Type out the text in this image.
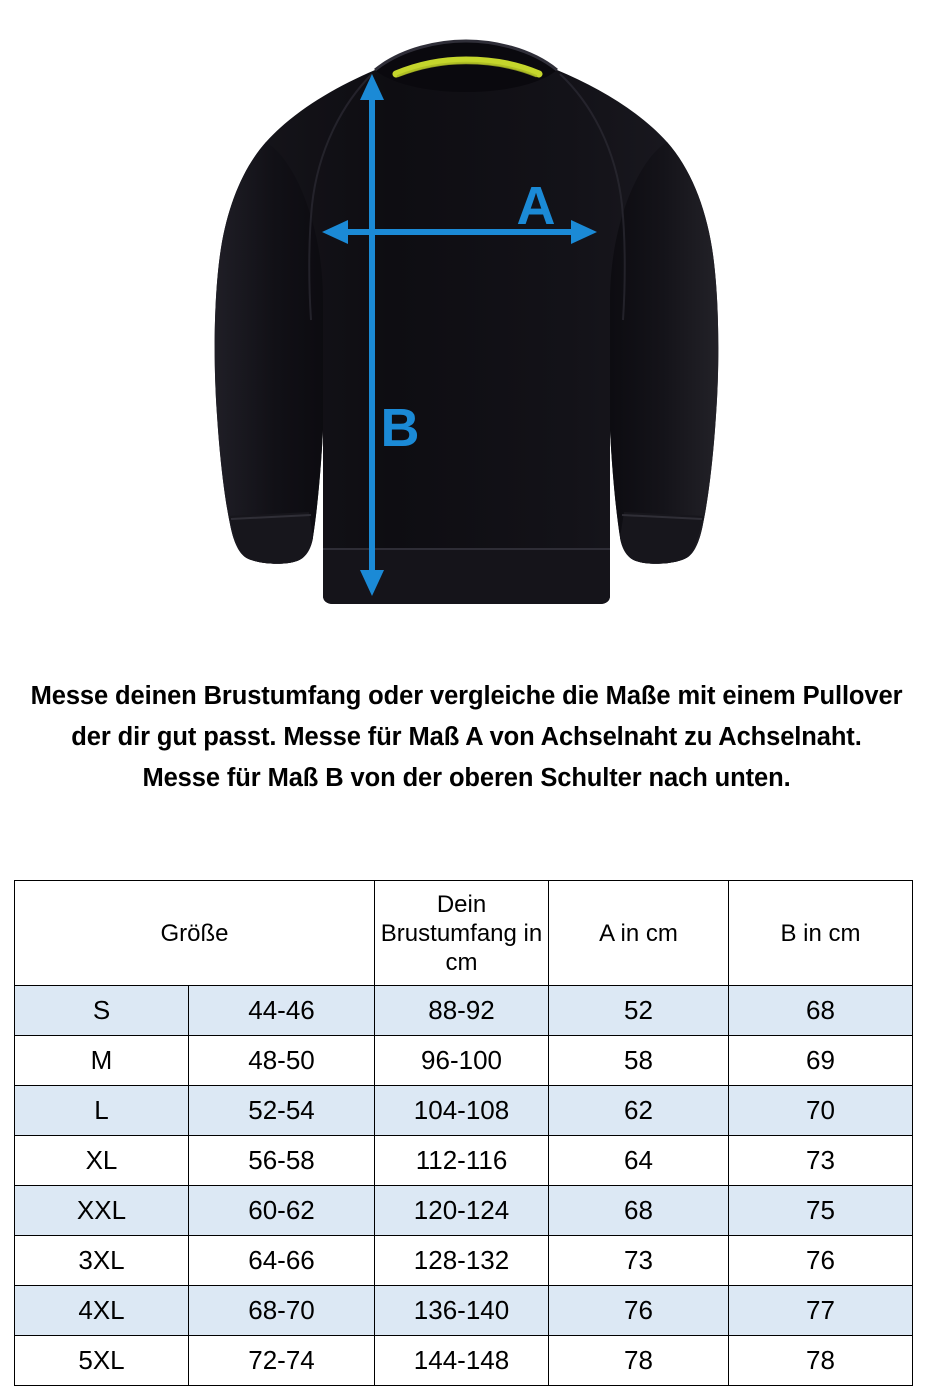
A
B
Messe deinen Brustumfang oder vergleiche die Maße mit einem Pullover der dir gut passt. Messe für Maß A von Achselnaht zu Achselnaht. Messe für Maß B von der oberen Schulter nach unten.
Größe		Dein Brustumfang in cm	A in cm	B in cm
S	44-46	88-92	52	68
M	48-50	96-100	58	69
L	52-54	104-108	62	70
XL	56-58	112-116	64	73
XXL	60-62	120-124	68	75
3XL	64-66	128-132	73	76
4XL	68-70	136-140	76	77
5XL	72-74	144-148	78	78
